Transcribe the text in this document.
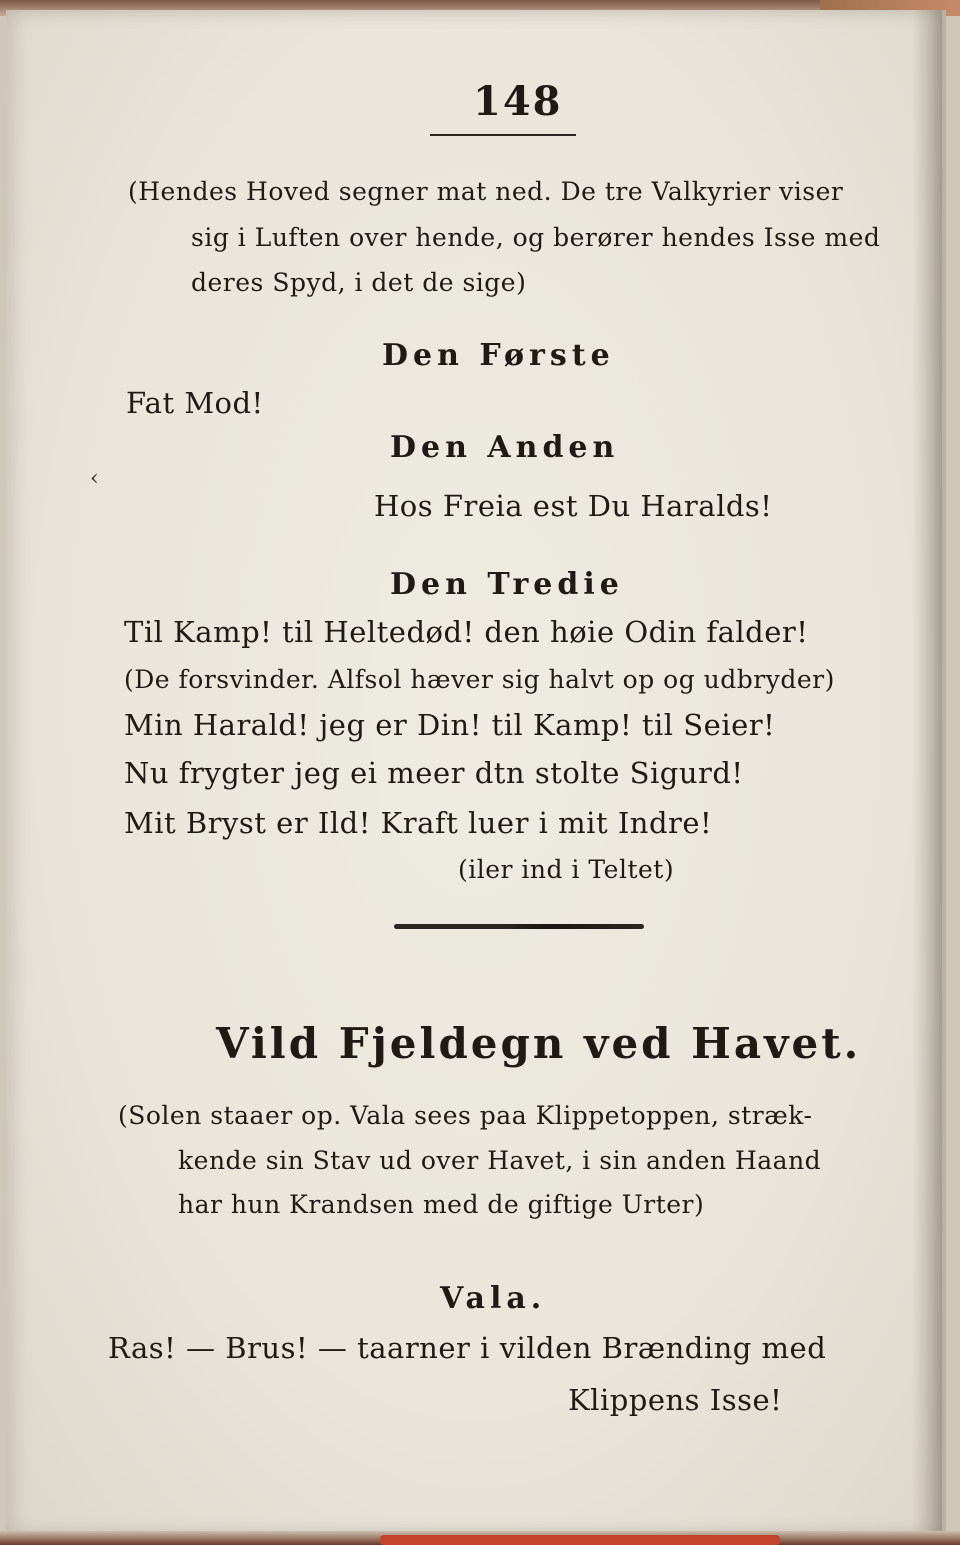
148
(Hendes Hoved segner mat ned. De tre Valkyrier viser
sig i Luften over hende, og berører hendes Isse med
deres Spyd, i det de sige)
Den Første
Fat Mod!
‹
Den Anden
Hos Freia est Du Haralds!
Den Tredie
Til Kamp! til Heltedød! den høie Odin falder!
(De forsvinder. Alfsol hæver sig halvt op og udbryder)
Min Harald! jeg er Din! til Kamp! til Seier!
Nu frygter jeg ei meer dtn stolte Sigurd!
Mit Bryst er Ild! Kraft luer i mit Indre!
(iler ind i Teltet)
Vild Fjeldegn ved Havet.
(Solen staaer op. Vala sees paa Klippetoppen, stræk-
kende sin Stav ud over Havet, i sin anden Haand
har hun Krandsen med de giftige Urter)
Vala.
Ras! — Brus! — taarner i vilden Brænding med
Klippens Isse!
